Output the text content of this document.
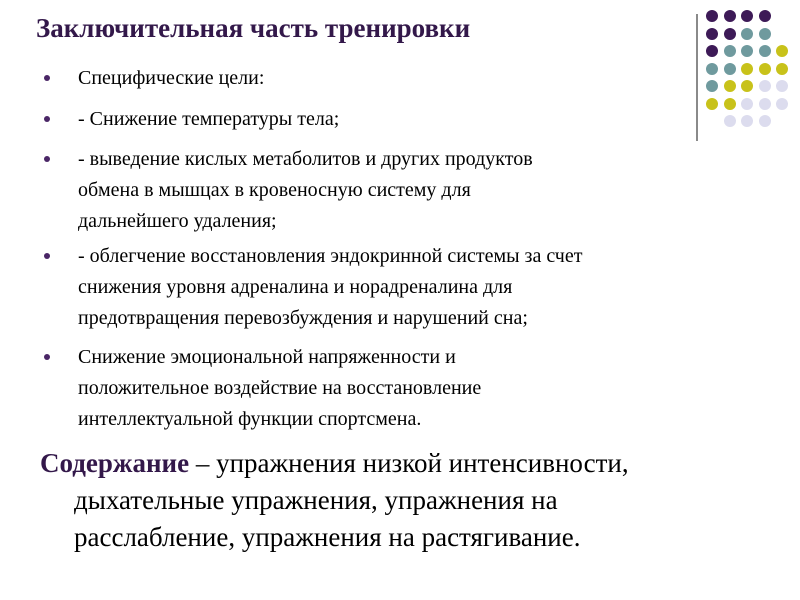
Заключительная часть тренировки
Специфические цели:
- Снижение температуры тела;
- выведение кислых метаболитов и других продуктов
обмена в мышцах в кровеносную систему для
дальнейшего удаления;
- облегчение восстановления эндокринной системы за счет
снижения уровня адреналина и норадреналина для
предотвращения перевозбуждения и нарушений сна;
Снижение эмоциональной напряженности и
положительное воздействие на восстановление
интеллектуальной функции спортсмена.
Содержание – упражнения низкой интенсивности,
дыхательные упражнения, упражнения на
расслабление, упражнения на растягивание.
